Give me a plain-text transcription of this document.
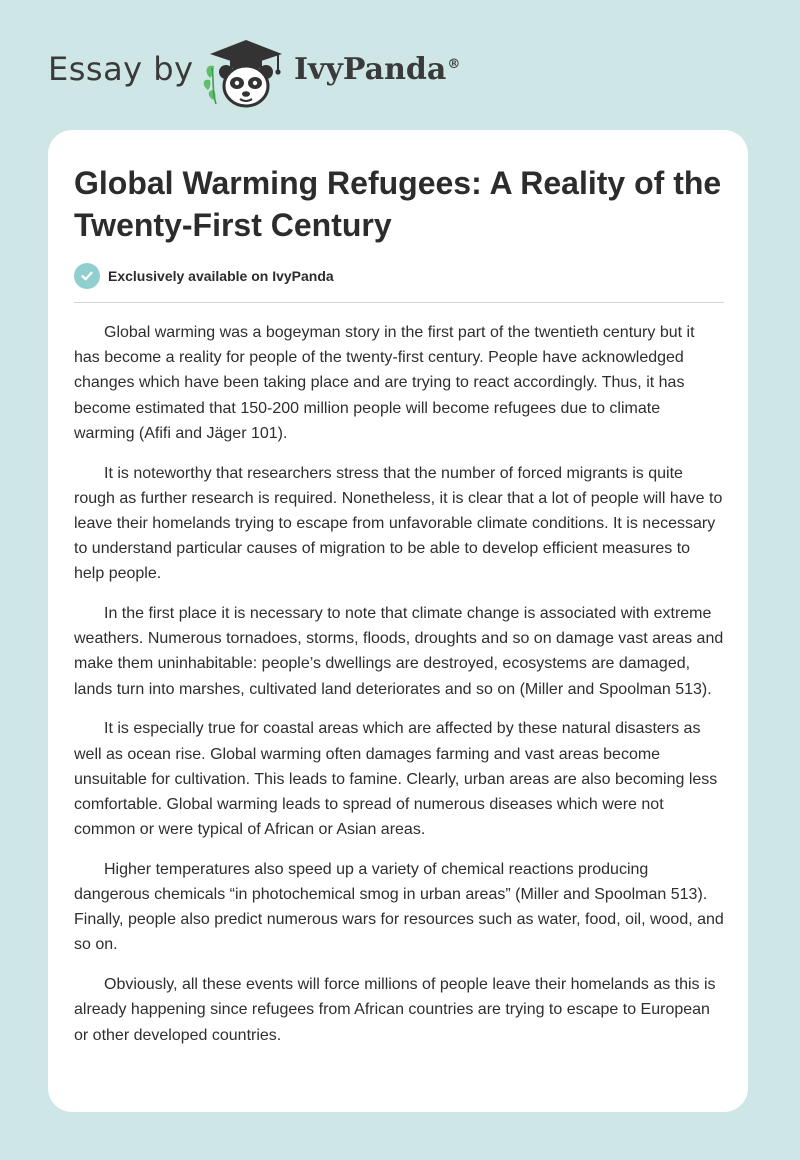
Essay by	IvyPanda®
Global Warming Refugees: A Reality of the Twenty-First Century
Exclusively available on IvyPanda

Global warming was a bogeyman story in the first part of the twentieth century but it has become a reality for people of the twenty-first century. People have acknowledged changes which have been taking place and are trying to react accordingly. Thus, it has become estimated that 150-200 million people will become refugees due to climate warming (Afifi and Jäger 101).

It is noteworthy that researchers stress that the number of forced migrants is quite rough as further research is required. Nonetheless, it is clear that a lot of people will have to leave their homelands trying to escape from unfavorable climate conditions. It is necessary to understand particular causes of migration to be able to develop efficient measures to help people.

In the first place it is necessary to note that climate change is associated with extreme weathers. Numerous tornadoes, storms, floods, droughts and so on damage vast areas and make them uninhabitable: people’s dwellings are destroyed, ecosystems are damaged, lands turn into marshes, cultivated land deteriorates and so on (Miller and Spoolman 513).

It is especially true for coastal areas which are affected by these natural disasters as well as ocean rise. Global warming often damages farming and vast areas become unsuitable for cultivation. This leads to famine. Clearly, urban areas are also becoming less comfortable. Global warming leads to spread of numerous diseases which were not common or were typical of African or Asian areas.

Higher temperatures also speed up a variety of chemical reactions producing dangerous chemicals “in photochemical smog in urban areas” (Miller and Spoolman 513). Finally, people also predict numerous wars for resources such as water, food, oil, wood, and so on.

Obviously, all these events will force millions of people leave their homelands as this is already happening since refugees from African countries are trying to escape to European or other developed countries.
